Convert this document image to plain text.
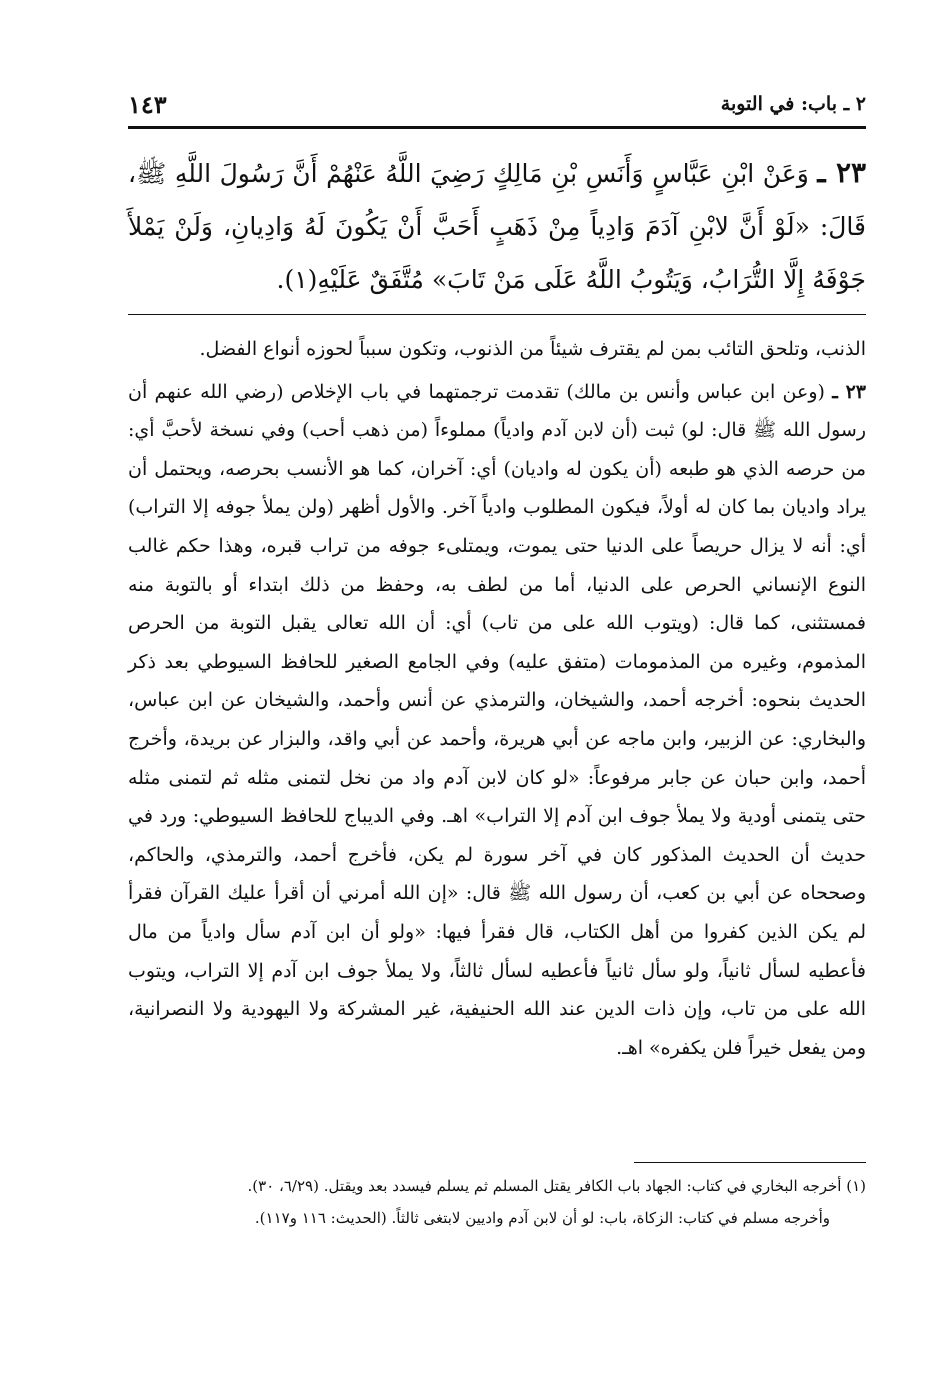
٢ ـ باب: في التوبة
١٤٣
٢٣ ـ وَعَنْ ابْنِ عَبَّاسٍ وَأَنَسِ بْنِ مَالِكٍ رَضِيَ اللَّهُ عَنْهُمْ أَنَّ رَسُولَ اللَّهِ ﷺ، قَالَ: «لَوْ أَنَّ لابْنِ آدَمَ وَادِياً مِنْ ذَهَبٍ أَحَبَّ أَنْ يَكُونَ لَهُ وَادِيانِ، وَلَنْ يَمْلأَ جَوْفَهُ إِلَّا التُّرَابُ، وَيَتُوبُ اللَّهُ عَلَى مَنْ تَابَ» مُتَّفَقٌ عَلَيْهِ(١).

الذنب، وتلحق التائب بمن لم يقترف شيئاً من الذنوب، وتكون سبباً لحوزه أنواع الفضل.

٢٣ ـ (وعن ابن عباس وأنس بن مالك) تقدمت ترجمتهما في باب الإخلاص (رضي الله عنهم أن رسول الله ﷺ قال: لو) ثبت (أن لابن آدم وادياً) مملوءاً (من ذهب أحب) وفي نسخة لأحبَّ أي: من حرصه الذي هو طبعه (أن يكون له واديان) أي: آخران، كما هو الأنسب بحرصه، ويحتمل أن يراد واديان بما كان له أولاً، فيكون المطلوب وادياً آخر. والأول أظهر (ولن يملأ جوفه إلا التراب) أي: أنه لا يزال حريصاً على الدنيا حتى يموت، ويمتلىء جوفه من تراب قبره، وهذا حكم غالب النوع الإنساني الحرص على الدنيا، أما من لطف به، وحفظ من ذلك ابتداء أو بالتوبة منه فمستثنى، كما قال: (ويتوب الله على من تاب) أي: أن الله تعالى يقبل التوبة من الحرص المذموم، وغيره من المذمومات (متفق عليه) وفي الجامع الصغير للحافظ السيوطي بعد ذكر الحديث بنحوه: أخرجه أحمد، والشيخان، والترمذي عن أنس وأحمد، والشيخان عن ابن عباس، والبخاري: عن الزبير، وابن ماجه عن أبي هريرة، وأحمد عن أبي واقد، والبزار عن بريدة، وأخرج أحمد، وابن حبان عن جابر مرفوعاً: «لو كان لابن آدم واد من نخل لتمنى مثله ثم لتمنى مثله حتى يتمنى أودية ولا يملأ جوف ابن آدم إلا التراب» اهـ. وفي الديباج للحافظ السيوطي: ورد في حديث أن الحديث المذكور كان في آخر سورة لم يكن، فأخرج أحمد، والترمذي، والحاكم، وصححاه عن أبي بن كعب، أن رسول الله ﷺ قال: «إن الله أمرني أن أقرأ عليك القرآن فقرأ لم يكن الذين كفروا من أهل الكتاب، قال فقرأ فيها: «ولو أن ابن آدم سأل وادياً من مال فأعطيه لسأل ثانياً، ولو سأل ثانياً فأعطيه لسأل ثالثاً، ولا يملأ جوف ابن آدم إلا التراب، ويتوب الله على من تاب، وإن ذات الدين عند الله الحنيفية، غير المشركة ولا اليهودية ولا النصرانية، ومن يفعل خيراً فلن يكفره» اهـ.

(١) أخرجه البخاري في كتاب: الجهاد باب الكافر يقتل المسلم ثم يسلم فيسدد بعد ويقتل. (٦/٢٩، ٣٠).

وأخرجه مسلم في كتاب: الزكاة، باب: لو أن لابن آدم واديين لابتغى ثالثاً. (الحديث: ١١٦ و١١٧).
